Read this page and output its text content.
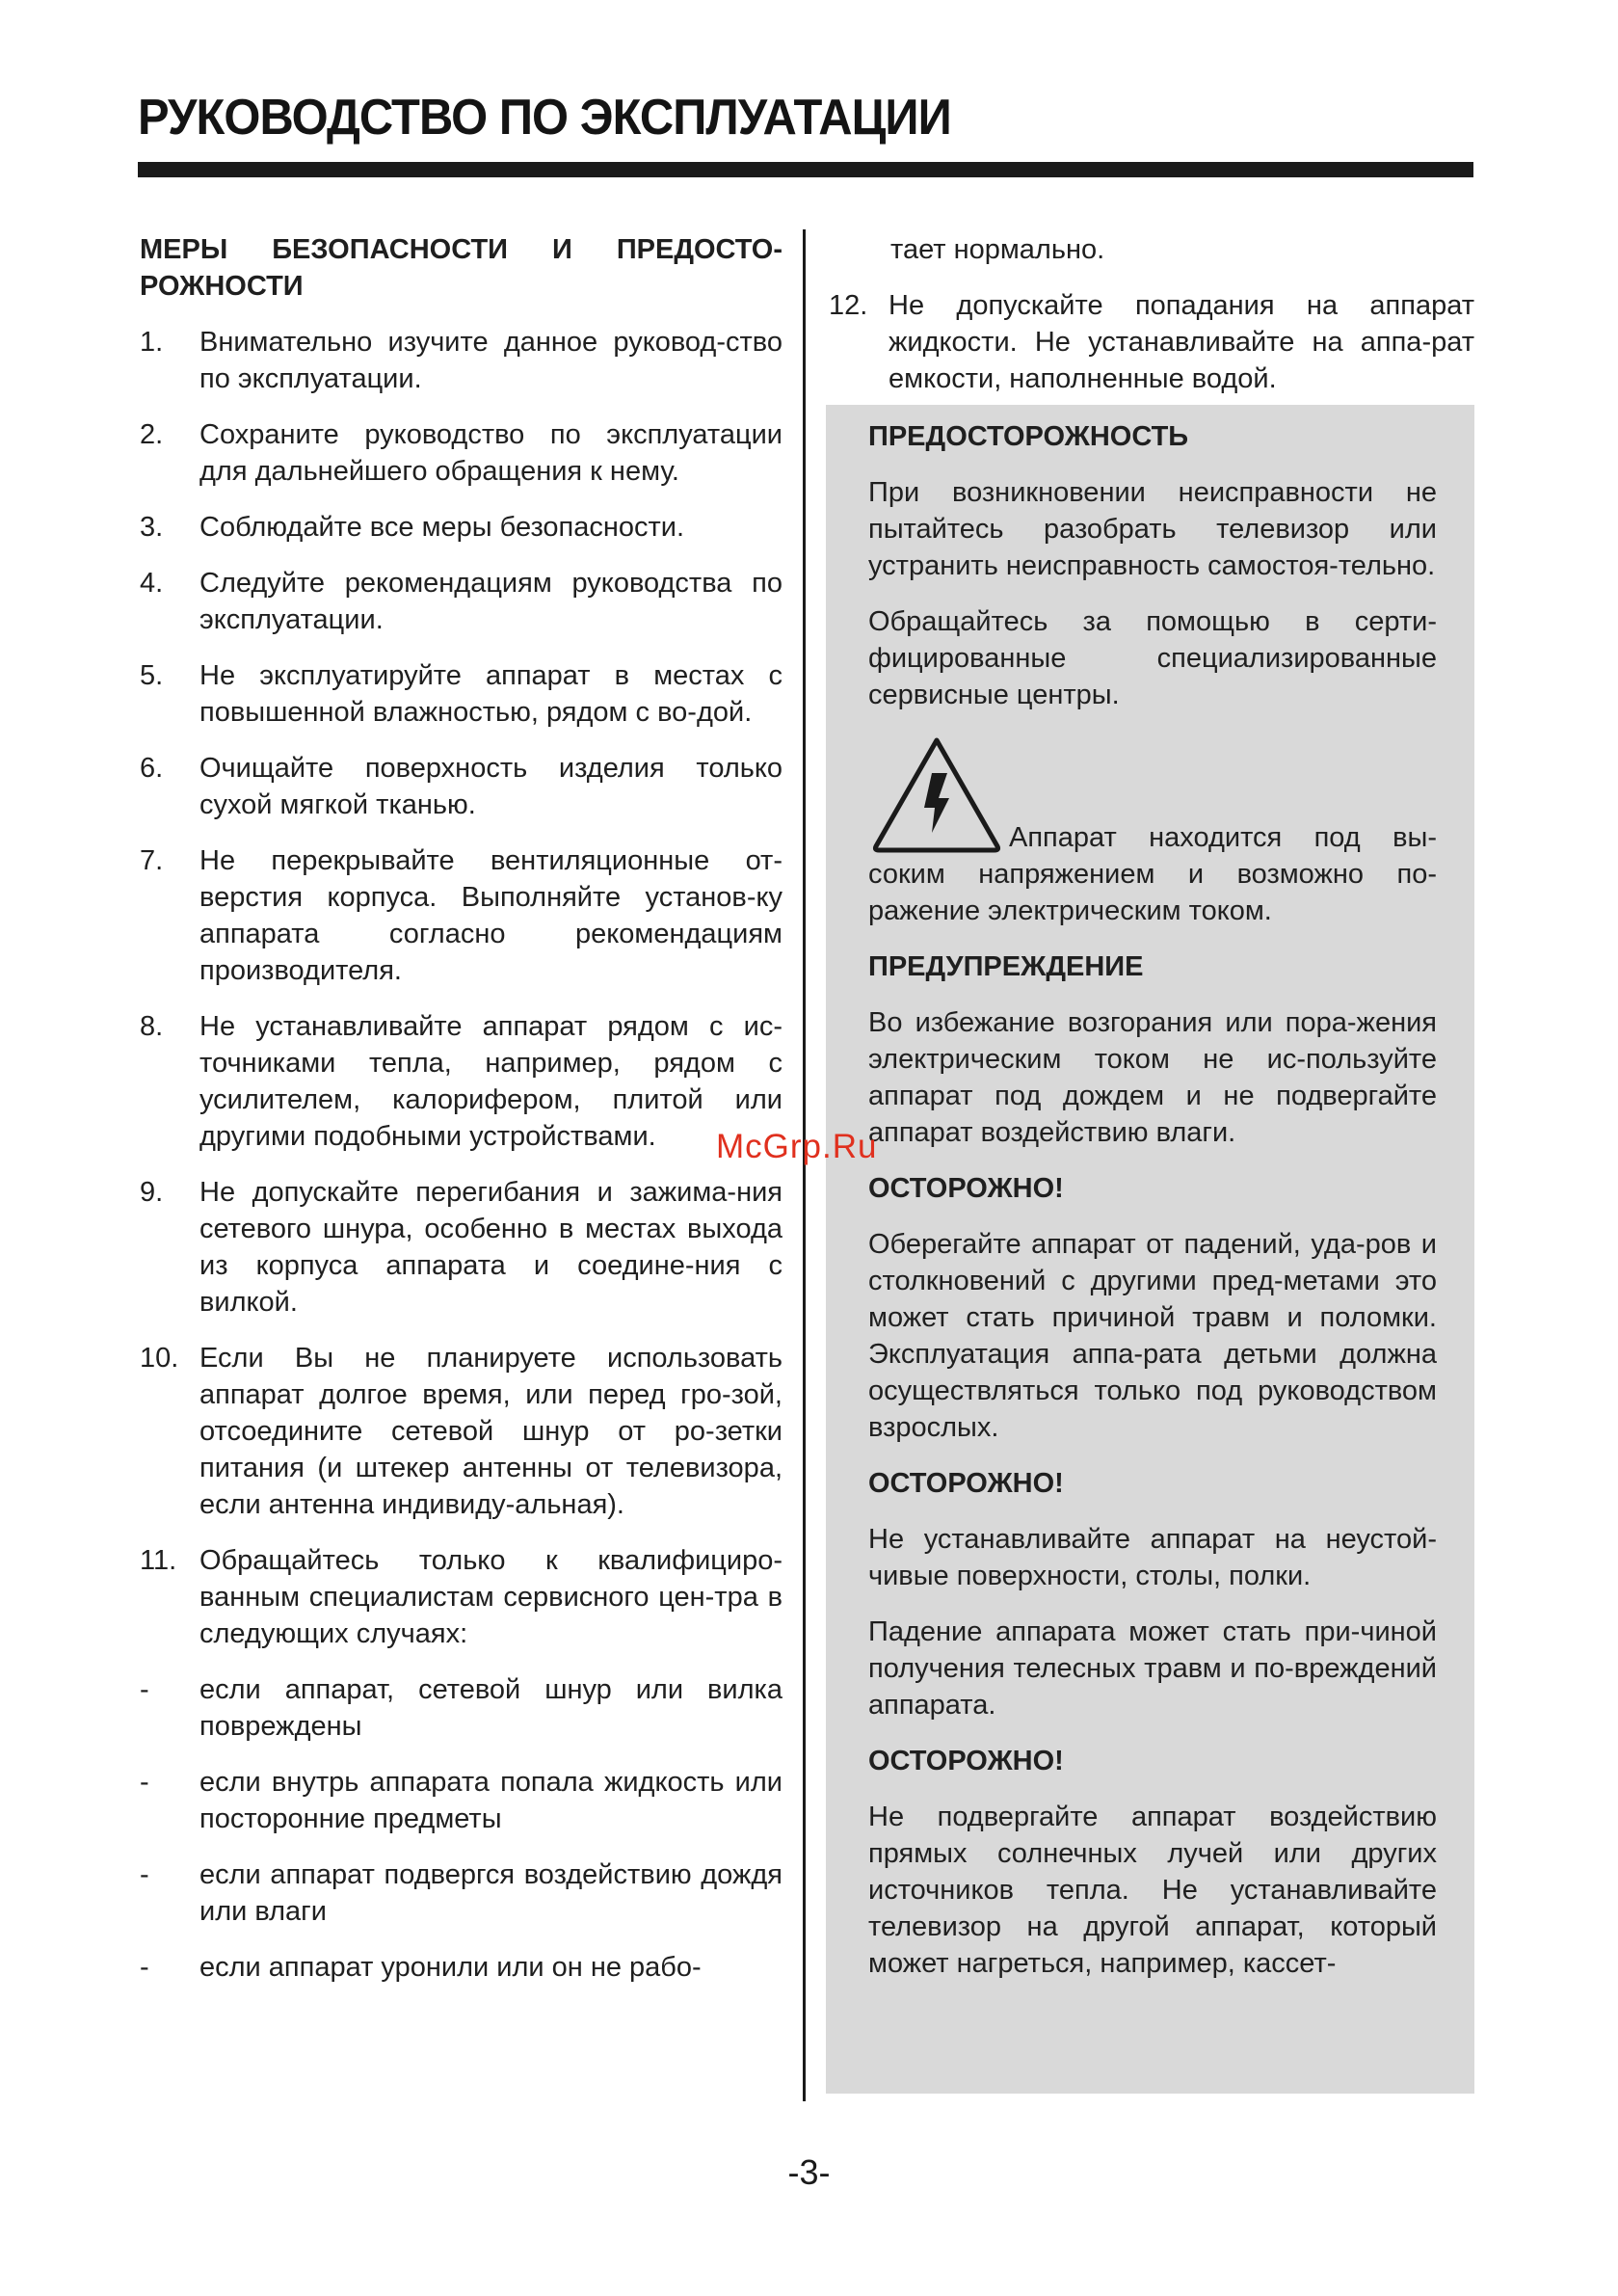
РУКОВОДСТВО ПО ЭКСПЛУАТАЦИИ
МЕРЫ БЕЗОПАСНОСТИ И ПРЕДОСТО-РОЖНОСТИ
1.	Внимательно изучите данное руковод-ство по эксплуатации.
2.	Сохраните руководство по эксплуатации для дальнейшего обращения к нему.
3.	Соблюдайте все меры безопасности.
4.	Следуйте рекомендациям руководства по эксплуатации.
5.	Не эксплуатируйте аппарат в местах с повышенной влажностью, рядом с во-дой.
6.	Очищайте поверхность изделия только сухой мягкой тканью.
7.	Не перекрывайте вентиляционные от-верстия корпуса. Выполняйте установ-ку аппарата согласно рекомендациям производителя.
8.	Не устанавливайте аппарат рядом с ис-точниками тепла, например, рядом с усилителем, калорифером, плитой или другими подобными устройствами.
9.	Не допускайте перегибания и зажима-ния сетевого шнура, особенно в местах выхода из корпуса аппарата и соедине-ния с вилкой.
10. Если Вы не планируете использовать аппарат долгое время, или перед гро-зой, отсоедините сетевой шнур от ро-зетки питания (и штекер антенны от телевизора, если антенна индивиду-альная).
11. Обращайтесь только к квалифициро-ванным специалистам сервисного цен-тра в следующих случаях:
-	если аппарат, сетевой шнур или вилка повреждены
-	если внутрь аппарата попала жидкость или посторонние предметы
-	если аппарат подвергся воздействию дождя или влаги
-	если аппарат уронили или он не рабо-
тает нормально.
12. Не допускайте попадания на аппарат жидкости. Не устанавливайте на аппа-рат емкости, наполненные водой.

ПРЕДОСТОРОЖНОСТЬ

При возникновении неисправности не пытайтесь разобрать телевизор или устранить неисправность самостоя-тельно.

Обращайтесь за помощью в серти-фицированные специализированные сервисные центры.

Аппарат находится под вы-соким напряжением и возможно по-ражение электрическим током.

ПРЕДУПРЕЖДЕНИЕ

Во избежание возгорания или пора-жения электрическим током не ис-пользуйте аппарат под дождем и не подвергайте аппарат воздействию влаги.

ОСТОРОЖНО!

Оберегайте аппарат от падений, уда-ров и столкновений с другими пред-метами это может стать причиной травм и поломки. Эксплуатация аппа-рата детьми должна осуществляться только под руководством взрослых.

ОСТОРОЖНО!

Не устанавливайте аппарат на неустой-чивые поверхности, столы, полки.

Падение аппарата может стать при-чиной получения телесных травм и по-вреждений аппарата.

ОСТОРОЖНО!

Не подвергайте аппарат воздействию прямых солнечных лучей или других источников тепла. Не устанавливайте телевизор на другой аппарат, который может нагреться, например, кассет-

McGrp.Ru
-3-
